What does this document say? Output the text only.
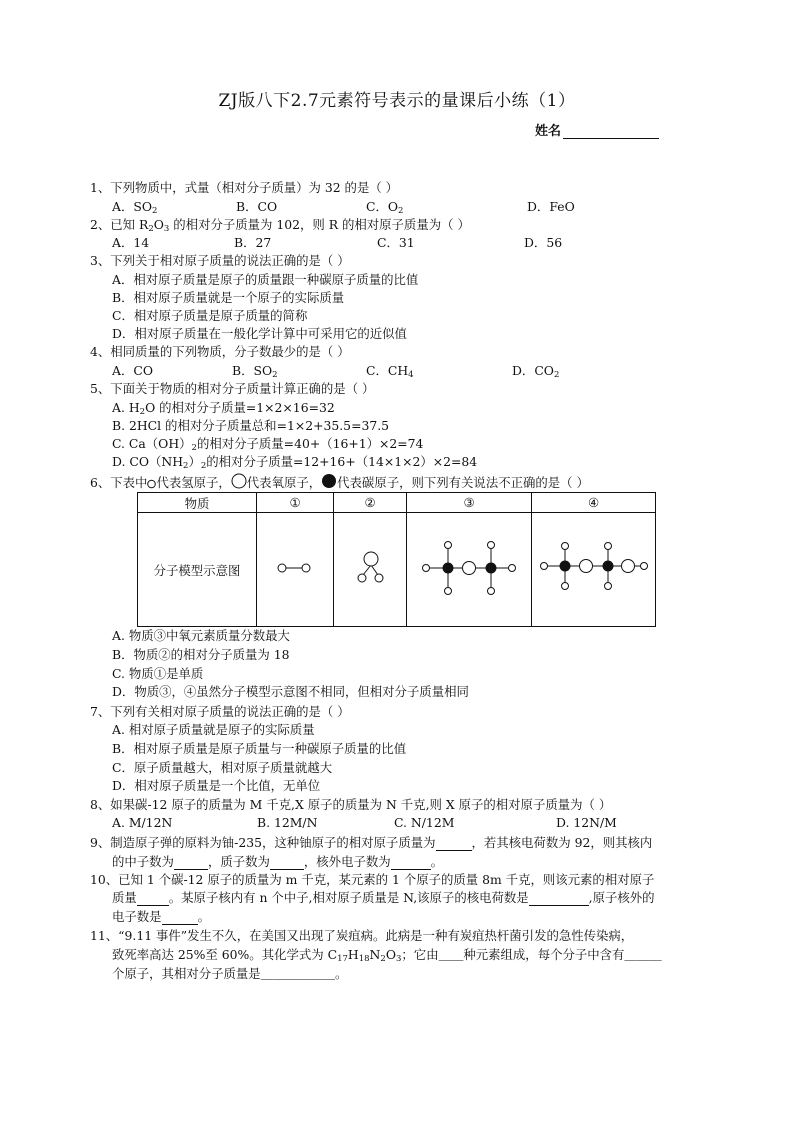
ZJ版八下2.7元素符号表示的量课后小练（1）
姓名
1、下列物质中，式量（相对分子质量）为 32 的是（ ）
A．$SO_2$	B．CO	C．$O_2$	D．FeO
2、已知 $R_2O_3$ 的相对分子质量为 102，则 R 的相对原子质量为（ ）
A．14	B．27	C．31	D．56
3、下列关于相对原子质量的说法正确的是（ ）
A．相对原子质量是原子的质量跟一种碳原子质量的比值
B．相对原子质量就是一个原子的实际质量
C．相对原子质量是原子质量的简称
D．相对原子质量在一般化学计算中可采用它的近似值
4、相同质量的下列物质，分子数最少的是（ ）
A．CO	B．$SO_2$	C．$CH_4$	D．$CO_2$
5、下面关于物质的相对分子质量计算正确的是（ ）
A. $H_2O$ 的相对分子质量=1×2×16=32
B. 2HCl 的相对分子质量总和=1×2+35.5=37.5
C. $Ca(OH)_2$的相对分子质量=40+（16+1）×2=74
D. $CO(NH_2)_2$的相对分子质量=12+16+（14×1×2）×2=84
6、下表中 代表氢原子， 代表氧原子， 代表碳原子，则下列有关说法不正确的是（ ）
物质	①	②	③	④
分子模型示意图				
A. 物质③中氧元素质量分数最大
B．物质②的相对分子质量为 18
C. 物质①是单质
D．物质③，④虽然分子模型示意图不相同，但相对分子质量相同
7、下列有关相对原子质量的说法正确的是（ ）
A. 相对原子质量就是原子的实际质量
B．相对原子质量是原子质量与一种碳原子质量的比值
C．原子质量越大，相对原子质量就越大
D．相对原子质量是一个比值，无单位
8、如果碳-12 原子的质量为 M 千克,X 原子的质量为 N 千克,则 X 原子的相对原子质量为（ ）
A. M/12N	B. 12M/N	C. N/12M	D. 12N/M
9、制造原子弹的原料为铀-235，这种铀原子的相对原子质量为	，若其核电荷数为 92，则其核内
的中子数为	，质子数为	，核外电子数为	。
10、已知 1 个碳-12 原子的质量为 m 千克，某元素的 1 个原子的质量 8m 千克，则该元素的相对原子
质量	。某原子核内有 n 个中子,相对原子质量是 N,该原子的核电荷数是	,原子核外的
电子数是	。
11、“9.11 事件”发生不久，在美国又出现了炭疽病。此病是一种有炭疽热杆菌引发的急性传染病，
致死率高达 25%至 60%。其化学式为 $C_{17}H_{18}N_2O_3$；它由＿＿种元素组成，每个分子中含有＿＿＿
个原子，其相对分子质量是＿＿＿＿＿＿。
